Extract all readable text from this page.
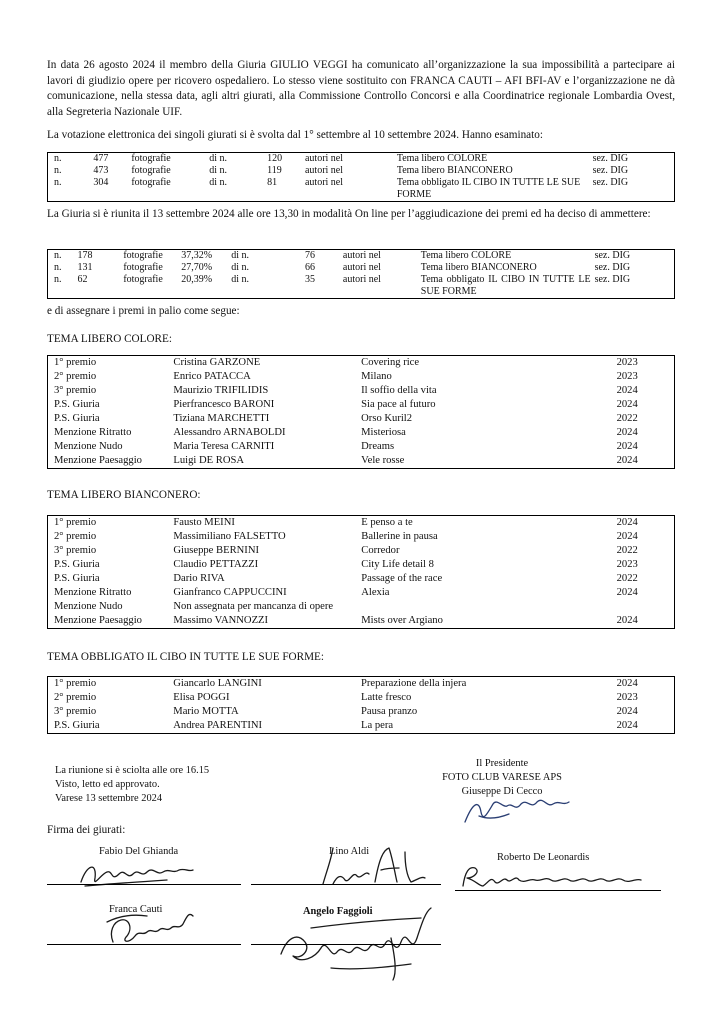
In data 26 agosto 2024 il membro della Giuria GIULIO VEGGI ha comunicato all’organizzazione la sua impossibilità a partecipare ai lavori di giudizio opere per ricovero ospedaliero. Lo stesso viene sostituito con FRANCA CAUTI – AFI BFI-AV e l’organizzazione ne dà comunicazione, nella stessa data, agli altri giurati, alla Commissione Controllo Concorsi e alla Coordinatrice regionale Lombardia Ovest, alla Segreteria Nazionale UIF.

La votazione elettronica dei singoli giurati si è svolta dal 1° settembre al 10 settembre 2024. Hanno esaminato:

n.	477	fotografie	di n.	120	autori nel	Tema libero COLORE	sez. DIG
n.	473	fotografie	di n.	119	autori nel	Tema libero BIANCONERO	sez. DIG
n.	304	fotografie	di n.	81	autori nel	Tema obbligato IL CIBO IN TUTTE LE SUE FORME	sez. DIG

La Giuria si è riunita il 13 settembre 2024 alle ore 13,30 in modalità On line per l’aggiudicazione dei premi ed ha deciso di ammettere:

n.	178	fotografie	37,32%	di n.	76	autori nel	Tema libero COLORE	sez. DIG
n.	131	fotografie	27,70%	di n.	66	autori nel	Tema libero BIANCONERO	sez. DIG
n.	62	fotografie	20,39%	di n.	35	autori nel	Tema obbligato IL CIBO IN TUTTE LE SUE FORME	sez. DIG

e di assegnare i premi in palio come segue:

TEMA LIBERO COLORE:

1° premio	Cristina GARZONE	Covering rice	2023
2° premio	Enrico PATACCA	Milano	2023
3° premio	Maurizio TRIFILIDIS	Il soffio della vita	2024
P.S. Giuria	Pierfrancesco BARONI	Sia pace al futuro	2024
P.S. Giuria	Tiziana MARCHETTI	Orso Kuril2	2022
Menzione Ritratto	Alessandro ARNABOLDI	Misteriosa	2024
Menzione Nudo	Maria Teresa CARNITI	Dreams	2024
Menzione Paesaggio	Luigi DE ROSA	Vele rosse	2024

TEMA LIBERO BIANCONERO:

1° premio	Fausto MEINI	E penso a te	2024
2° premio	Massimiliano FALSETTO	Ballerine in pausa	2024
3° premio	Giuseppe BERNINI	Corredor	2022
P.S. Giuria	Claudio PETTAZZI	City Life detail 8	2023
P.S. Giuria	Dario RIVA	Passage of the race	2022
Menzione Ritratto	Gianfranco CAPPUCCINI	Alexia	2024
Menzione Nudo	Non assegnata per mancanza di opere		
Menzione Paesaggio	Massimo VANNOZZI	Mists over Argiano	2024

TEMA OBBLIGATO IL CIBO IN TUTTE LE SUE FORME:

1° premio	Giancarlo LANGINI	Preparazione della injera	2024
2° premio	Elisa POGGI	Latte fresco	2023
3° premio	Mario MOTTA	Pausa pranzo	2024
P.S. Giuria	Andrea PARENTINI	La pera	2024
La riunione si è sciolta alle ore 16.15
Visto, letto ed approvato.
Varese 13 settembre 2024
Il Presidente
FOTO CLUB VARESE APS
Giuseppe Di Cecco

Firma dei giurati:

Fabio Del Ghianda	Lino Aldi
Roberto De Leonardis
Franca Cauti	Angelo Faggioli
